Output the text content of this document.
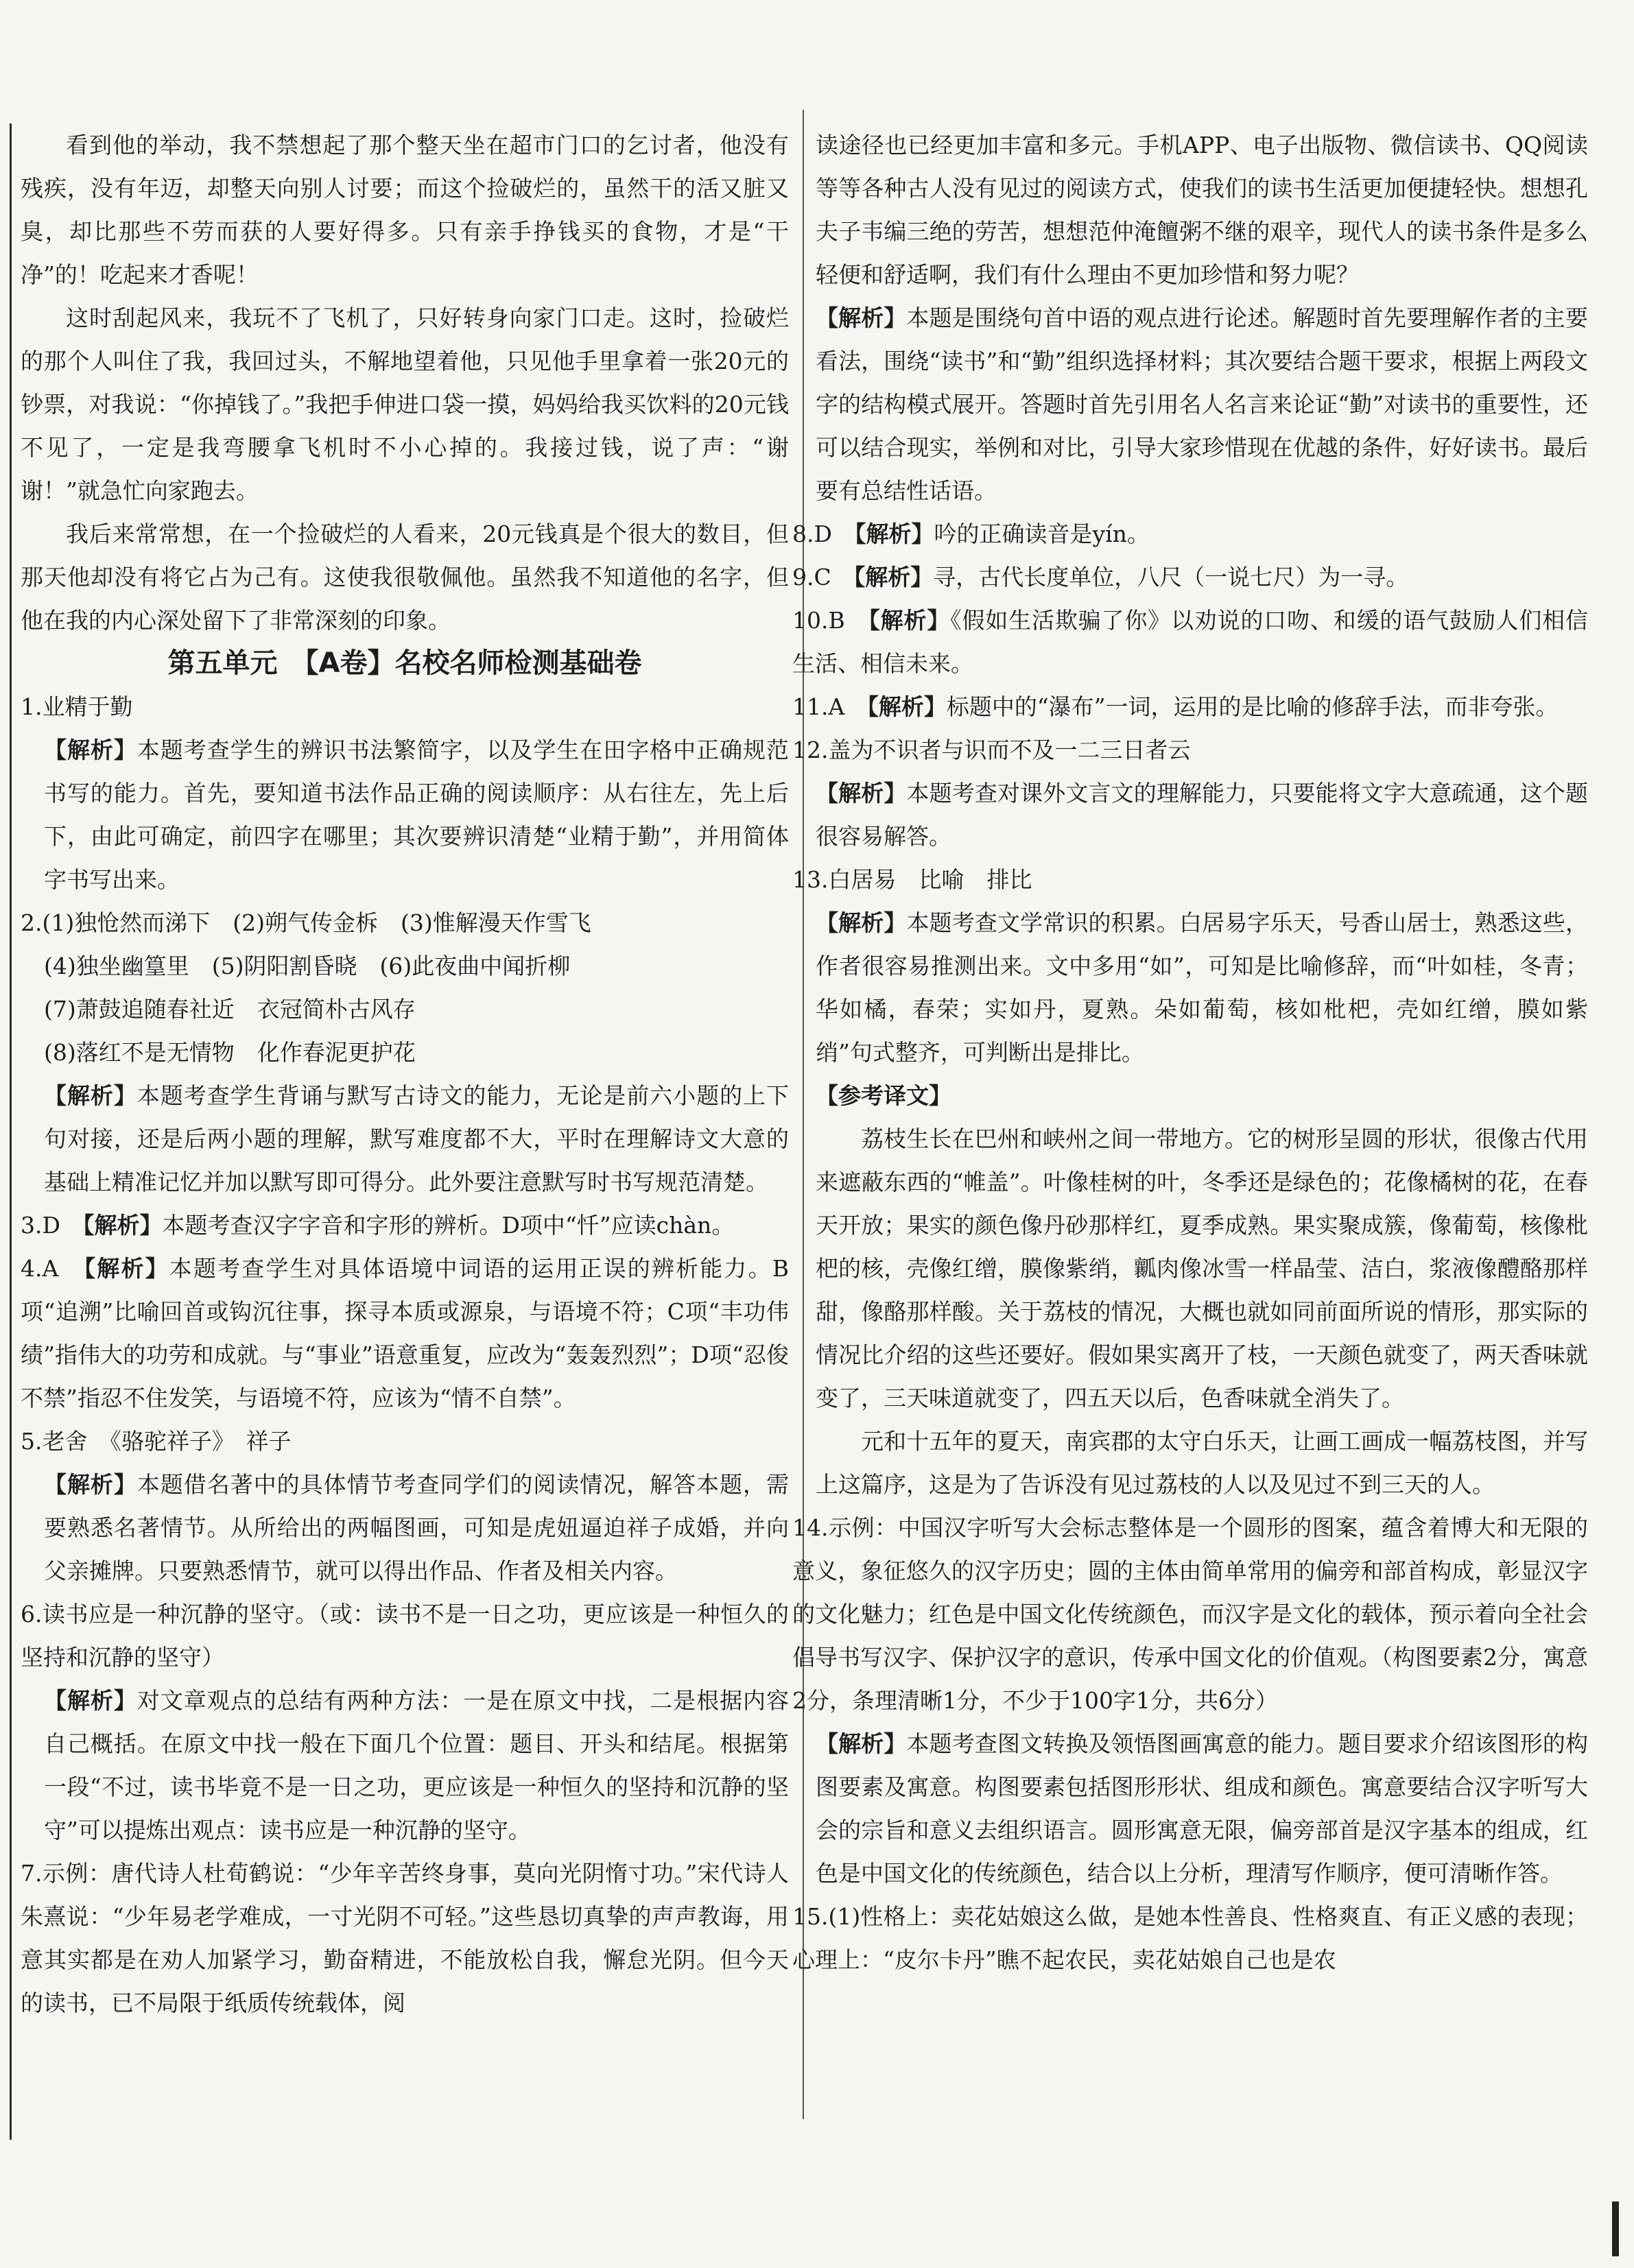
看到他的举动，我不禁想起了那个整天坐在超市门口的乞讨者，他没有残疾，没有年迈，却整天向别人讨要；而这个捡破烂的，虽然干的活又脏又臭，却比那些不劳而获的人要好得多。只有亲手挣钱买的食物，才是“干净”的！吃起来才香呢！

这时刮起风来，我玩不了飞机了，只好转身向家门口走。这时，捡破烂的那个人叫住了我，我回过头，不解地望着他，只见他手里拿着一张20元的钞票，对我说：“你掉钱了。”我把手伸进口袋一摸，妈妈给我买饮料的20元钱不见了，一定是我弯腰拿飞机时不小心掉的。我接过钱，说了声：“谢谢！”就急忙向家跑去。

我后来常常想，在一个捡破烂的人看来，20元钱真是个很大的数目，但那天他却没有将它占为己有。这使我很敬佩他。虽然我不知道他的名字，但他在我的内心深处留下了非常深刻的印象。

第五单元　【A卷】名校名师检测基础卷

1.业精于勤

【解析】本题考查学生的辨识书法繁简字，以及学生在田字格中正确规范书写的能力。首先，要知道书法作品正确的阅读顺序：从右往左，先上后下，由此可确定，前四字在哪里；其次要辨识清楚“业精于勤”，并用简体字书写出来。

2.(1)独怆然而涕下　(2)朔气传金柝　(3)惟解漫天作雪飞

(4)独坐幽篁里　(5)阴阳割昏晓　(6)此夜曲中闻折柳

(7)萧鼓追随春社近　衣冠简朴古风存

(8)落红不是无情物　化作春泥更护花

【解析】本题考查学生背诵与默写古诗文的能力，无论是前六小题的上下句对接，还是后两小题的理解，默写难度都不大，平时在理解诗文大意的基础上精准记忆并加以默写即可得分。此外要注意默写时书写规范清楚。

3.D　【解析】本题考查汉字字音和字形的辨析。D项中“忏”应读chàn。

4.A　【解析】本题考查学生对具体语境中词语的运用正误的辨析能力。B项“追溯”比喻回首或钩沉往事，探寻本质或源泉，与语境不符；C项“丰功伟绩”指伟大的功劳和成就。与“事业”语意重复，应改为“轰轰烈烈”；D项“忍俊不禁”指忍不住发笑，与语境不符，应该为“情不自禁”。

5.老舍　《骆驼祥子》　祥子

【解析】本题借名著中的具体情节考查同学们的阅读情况，解答本题，需要熟悉名著情节。从所给出的两幅图画，可知是虎妞逼迫祥子成婚，并向父亲摊牌。只要熟悉情节，就可以得出作品、作者及相关内容。

6.读书应是一种沉静的坚守。（或：读书不是一日之功，更应该是一种恒久的坚持和沉静的坚守）

【解析】对文章观点的总结有两种方法：一是在原文中找，二是根据内容自己概括。在原文中找一般在下面几个位置：题目、开头和结尾。根据第一段“不过，读书毕竟不是一日之功，更应该是一种恒久的坚持和沉静的坚守”可以提炼出观点：读书应是一种沉静的坚守。

7.示例：唐代诗人杜荀鹤说：“少年辛苦终身事，莫向光阴惰寸功。”宋代诗人朱熹说：“少年易老学难成，一寸光阴不可轻。”这些恳切真挚的声声教诲，用意其实都是在劝人加紧学习，勤奋精进，不能放松自我，懈怠光阴。但今天的读书，已不局限于纸质传统载体，阅

读途径也已经更加丰富和多元。手机APP、电子出版物、微信读书、QQ阅读等等各种古人没有见过的阅读方式，使我们的读书生活更加便捷轻快。想想孔夫子韦编三绝的劳苦，想想范仲淹饘粥不继的艰辛，现代人的读书条件是多么轻便和舒适啊，我们有什么理由不更加珍惜和努力呢？

【解析】本题是围绕句首中语的观点进行论述。解题时首先要理解作者的主要看法，围绕“读书”和“勤”组织选择材料；其次要结合题干要求，根据上两段文字的结构模式展开。答题时首先引用名人名言来论证“勤”对读书的重要性，还可以结合现实，举例和对比，引导大家珍惜现在优越的条件，好好读书。最后要有总结性话语。

8.D　【解析】吟的正确读音是yín。

9.C　【解析】寻，古代长度单位，八尺（一说七尺）为一寻。

10.B　【解析】《假如生活欺骗了你》以劝说的口吻、和缓的语气鼓励人们相信生活、相信未来。

11.A　【解析】标题中的“瀑布”一词，运用的是比喻的修辞手法，而非夸张。

12.盖为不识者与识而不及一二三日者云

【解析】本题考查对课外文言文的理解能力，只要能将文字大意疏通，这个题很容易解答。

13.白居易　比喻　排比

【解析】本题考查文学常识的积累。白居易字乐天，号香山居士，熟悉这些，作者很容易推测出来。文中多用“如”，可知是比喻修辞，而“叶如桂，冬青；华如橘，春荣；实如丹，夏熟。朵如葡萄，核如枇杷，壳如红缯，膜如紫绡”句式整齐，可判断出是排比。

【参考译文】

荔枝生长在巴州和峡州之间一带地方。它的树形呈圆的形状，很像古代用来遮蔽东西的“帷盖”。叶像桂树的叶，冬季还是绿色的；花像橘树的花，在春天开放；果实的颜色像丹砂那样红，夏季成熟。果实聚成簇，像葡萄，核像枇杷的核，壳像红缯，膜像紫绡，瓤肉像冰雪一样晶莹、洁白，浆液像醴酪那样甜，像酪那样酸。关于荔枝的情况，大概也就如同前面所说的情形，那实际的情况比介绍的这些还要好。假如果实离开了枝，一天颜色就变了，两天香味就变了，三天味道就变了，四五天以后，色香味就全消失了。

元和十五年的夏天，南宾郡的太守白乐天，让画工画成一幅荔枝图，并写上这篇序，这是为了告诉没有见过荔枝的人以及见过不到三天的人。

14.示例：中国汉字听写大会标志整体是一个圆形的图案，蕴含着博大和无限的意义，象征悠久的汉字历史；圆的主体由简单常用的偏旁和部首构成，彰显汉字的文化魅力；红色是中国文化传统颜色，而汉字是文化的载体，预示着向全社会倡导书写汉字、保护汉字的意识，传承中国文化的价值观。（构图要素2分，寓意2分，条理清晰1分，不少于100字1分，共6分）

【解析】本题考查图文转换及领悟图画寓意的能力。题目要求介绍该图形的构图要素及寓意。构图要素包括图形形状、组成和颜色。寓意要结合汉字听写大会的宗旨和意义去组织语言。圆形寓意无限，偏旁部首是汉字基本的组成，红色是中国文化的传统颜色，结合以上分析，理清写作顺序，便可清晰作答。

15.(1)性格上：卖花姑娘这么做，是她本性善良、性格爽直、有正义感的表现；心理上：“皮尔卡丹”瞧不起农民，卖花姑娘自己也是农
